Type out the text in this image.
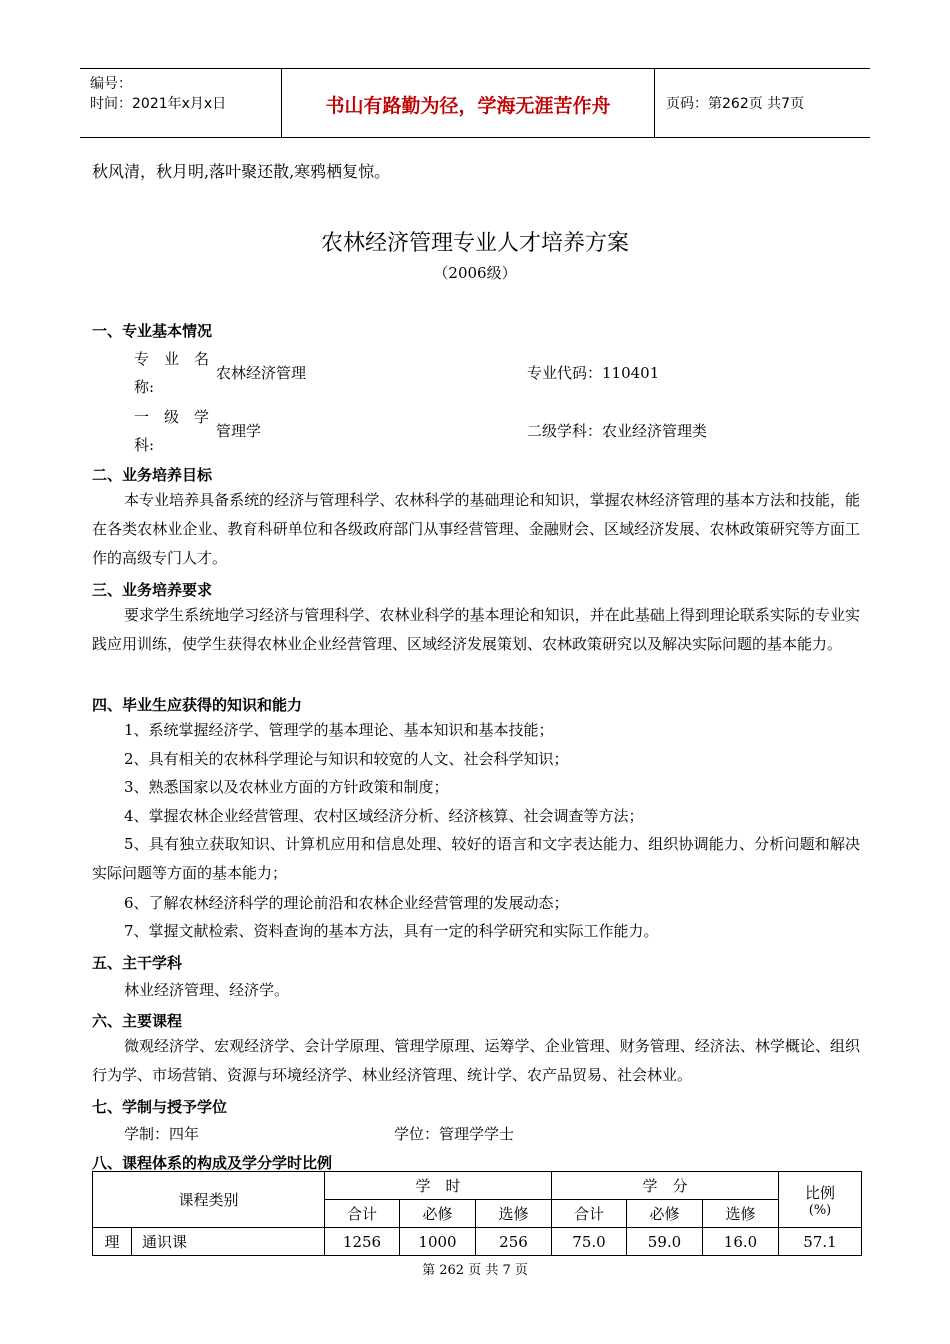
编号：
时间：2021年x月x日	书山有路勤为径，学海无涯苦作舟	页码：第262页 共7页
秋风清，秋月明,落叶聚还散,寒鸦栖复惊。
农林经济管理专业人才培养方案
（2006级）
一、专业基本情况
专　业　名
称:
农林经济管理	专业代码：110401
一　级　学
科:
管理学	二级学科：农业经济管理类
二、业务培养目标
本专业培养具备系统的经济与管理科学、农林科学的基础理论和知识，掌握农林经济管理的基本方法和技能，能在各类农林业企业、教育科研单位和各级政府部门从事经营管理、金融财会、区域经济发展、农林政策研究等方面工作的高级专门人才。
三、业务培养要求
要求学生系统地学习经济与管理科学、农林业科学的基本理论和知识，并在此基础上得到理论联系实际的专业实践应用训练，使学生获得农林业企业经营管理、区域经济发展策划、农林政策研究以及解决实际问题的基本能力。
四、毕业生应获得的知识和能力
1、系统掌握经济学、管理学的基本理论、基本知识和基本技能；
2、具有相关的农林科学理论与知识和较宽的人文、社会科学知识；
3、熟悉国家以及农林业方面的方针政策和制度；
4、掌握农林企业经营管理、农村区域经济分析、经济核算、社会调查等方法；
5、具有独立获取知识、计算机应用和信息处理、较好的语言和文字表达能力、组织协调能力、分析问题和解决实际问题等方面的基本能力；
6、了解农林经济科学的理论前沿和农林企业经营管理的发展动态；
7、掌握文献检索、资料查询的基本方法，具有一定的科学研究和实际工作能力。
五、主干学科
林业经济管理、经济学。
六、主要课程
微观经济学、宏观经济学、会计学原理、管理学原理、运筹学、企业管理、财务管理、经济法、林学概论、组织行为学、市场营销、资源与环境经济学、林业经济管理、统计学、农产品贸易、社会林业。
七、学制与授予学位
学制：四年	学位：管理学学士
八、课程体系的构成及学分学时比例
课程类别		学　时			学　分			比例
(%)

		合计	必修	选修	合计	必修	选修	
理	通识课	1256	1000	256	75.0	59.0	16.0	57.1
第 262 页 共 7 页
